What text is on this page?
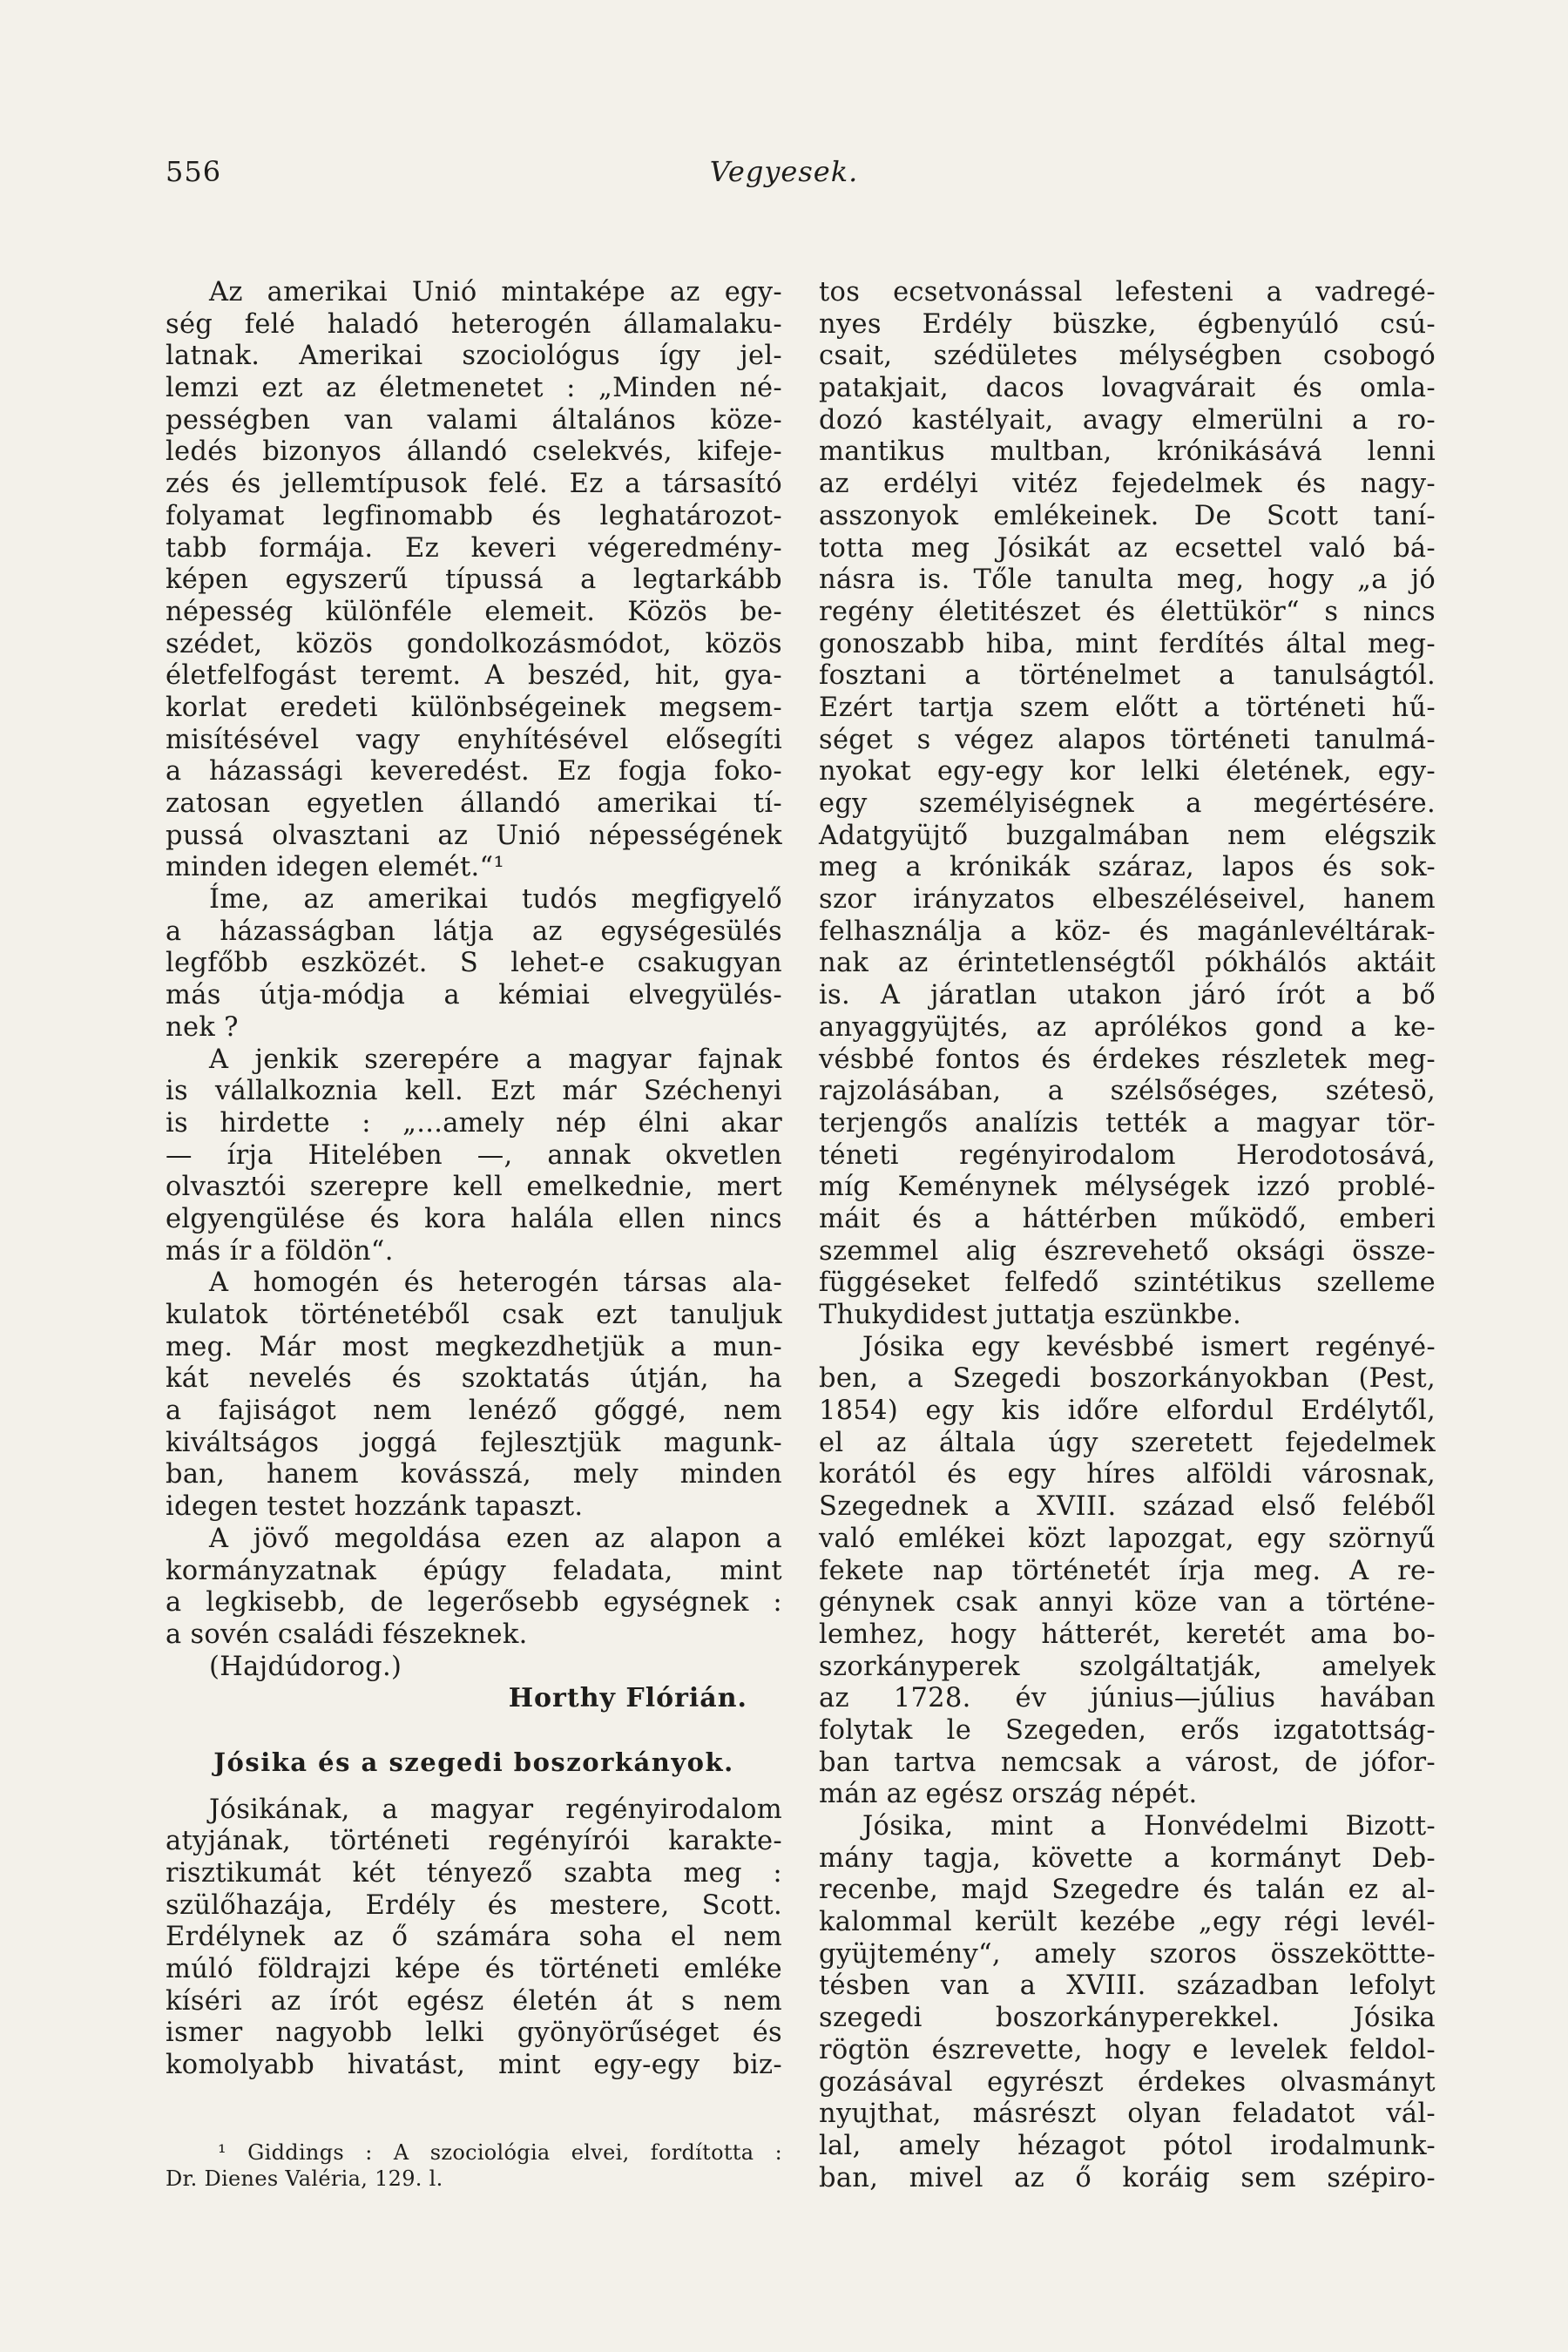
556	Vegyesek.
Az amerikai Unió mintaképe az egy-
ség felé haladó heterogén államalaku-
latnak. Amerikai szociológus így jel-
lemzi ezt az életmenetet : „Minden né-
pességben van valami általános köze-
ledés bizonyos állandó cselekvés, kifeje-
zés és jellemtípusok felé. Ez a társasító
folyamat legfinomabb és leghatározot-
tabb formája. Ez keveri végeredmény-
képen egyszerű típussá a legtarkább
népesség különféle elemeit. Közös be-
szédet, közös gondolkozásmódot, közös
életfelfogást teremt. A beszéd, hit, gya-
korlat eredeti különbségeinek megsem-
misítésével vagy enyhítésével elősegíti
a házassági keveredést. Ez fogja foko-
zatosan egyetlen állandó amerikai tí-
pussá olvasztani az Unió népességének
minden idegen elemét.“¹
Íme, az amerikai tudós megfigyelő
a házasságban látja az egységesülés
legfőbb eszközét. S lehet-e csakugyan
más útja-módja a kémiai elvegyülés-
nek ?
A jenkik szerepére a magyar fajnak
is vállalkoznia kell. Ezt már Széchenyi
is hirdette : „...amely nép élni akar
— írja Hitelében —, annak okvetlen
olvasztói szerepre kell emelkednie, mert
elgyengülése és kora halála ellen nincs
más ír a földön“.
A homogén és heterogén társas ala-
kulatok történetéből csak ezt tanuljuk
meg. Már most megkezdhetjük a mun-
kát nevelés és szoktatás útján, ha
a fajiságot nem lenéző gőggé, nem
kiváltságos joggá fejlesztjük magunk-
ban, hanem kovásszá, mely minden
idegen testet hozzánk tapaszt.
A jövő megoldása ezen az alapon a
kormányzatnak épúgy feladata, mint
a legkisebb, de legerősebb egységnek :
a sovén családi fészeknek.
(Hajdúdorog.)
Horthy Flórián.
Jósika és a szegedi boszorkányok.
Jósikának, a magyar regényirodalom
atyjának, történeti regényírói karakte-
risztikumát két tényező szabta meg :
szülőhazája, Erdély és mestere, Scott.
Erdélynek az ő számára soha el nem
múló földrajzi képe és történeti emléke
kíséri az írót egész életén át s nem
ismer nagyobb lelki gyönyörűséget és
komolyabb hivatást, mint egy-egy biz-
¹ Giddings : A szociológia elvei, fordította :
Dr. Dienes Valéria, 129. l.
tos ecsetvonással lefesteni a vadregé-
nyes Erdély büszke, égbenyúló csú-
csait, szédületes mélységben csobogó
patakjait, dacos lovagvárait és omla-
dozó kastélyait, avagy elmerülni a ro-
mantikus multban, krónikásává lenni
az erdélyi vitéz fejedelmek és nagy-
asszonyok emlékeinek. De Scott taní-
totta meg Jósikát az ecsettel való bá-
násra is. Tőle tanulta meg, hogy „a jó
regény életitészet és élettükör“ s nincs
gonoszabb hiba, mint ferdítés által meg-
fosztani a történelmet a tanulságtól.
Ezért tartja szem előtt a történeti hű-
séget s végez alapos történeti tanulmá-
nyokat egy-egy kor lelki életének, egy-
egy személyiségnek a megértésére.
Adatgyüjtő buzgalmában nem elégszik
meg a krónikák száraz, lapos és sok-
szor irányzatos elbeszéléseivel, hanem
felhasználja a köz- és magánlevéltárak-
nak az érintetlenségtől pókhálós aktáit
is. A járatlan utakon járó írót a bő
anyaggyüjtés, az aprólékos gond a ke-
vésbbé fontos és érdekes részletek meg-
rajzolásában, a szélsőséges, szétesö,
terjengős analízis tették a magyar tör-
téneti regényirodalom Herodotosává,
míg Keménynek mélységek izzó problé-
máit és a háttérben működő, emberi
szemmel alig észrevehető oksági össze-
függéseket felfedő szintétikus szelleme
Thukydidest juttatja eszünkbe.
Jósika egy kevésbbé ismert regényé-
ben, a Szegedi boszorkányokban (Pest,
1854) egy kis időre elfordul Erdélytől,
el az általa úgy szeretett fejedelmek
korától és egy híres alföldi városnak,
Szegednek a XVIII. század első feléből
való emlékei közt lapozgat, egy szörnyű
fekete nap történetét írja meg. A re-
génynek csak annyi köze van a történe-
lemhez, hogy hátterét, keretét ama bo-
szorkányperek szolgáltatják, amelyek
az 1728. év június—július havában
folytak le Szegeden, erős izgatottság-
ban tartva nemcsak a várost, de jófor-
mán az egész ország népét.
Jósika, mint a Honvédelmi Bizott-
mány tagja, követte a kormányt Deb-
recenbe, majd Szegedre és talán ez al-
kalommal került kezébe „egy régi levél-
gyüjtemény“, amely szoros összeköttte-
tésben van a XVIII. században lefolyt
szegedi boszorkányperekkel. Jósika
rögtön észrevette, hogy e levelek feldol-
gozásával egyrészt érdekes olvasmányt
nyujthat, másrészt olyan feladatot vál-
lal, amely hézagot pótol irodalmunk-
ban, mivel az ő koráig sem szépiro-
